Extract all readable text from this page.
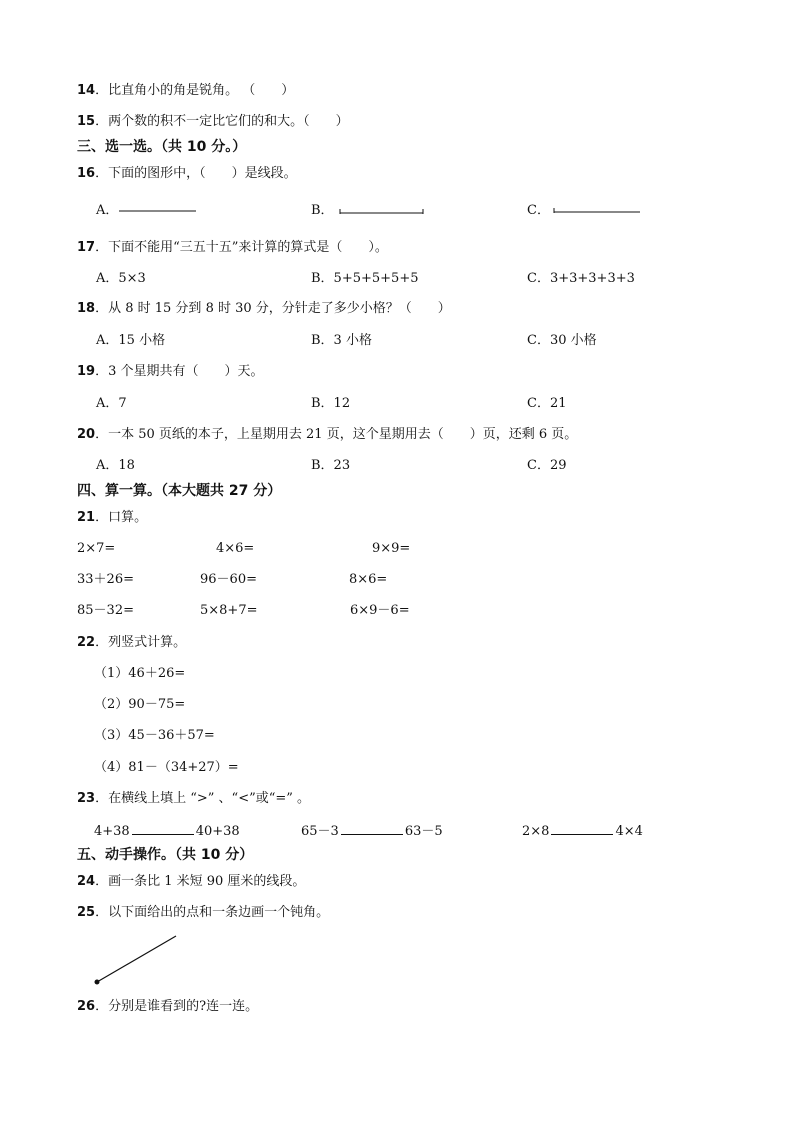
14．比直角小的角是锐角。 （　　）
15．两个数的积不一定比它们的和大。（　　）
三、选一选。（共 10 分。）
16．下面的图形中，（　　）是线段。
A．	B．	C．
17．下面不能用“三五十五”来计算的算式是（　　）。
A．5×3	B．5+5+5+5+5	C．3+3+3+3+3
18．从 8 时 15 分到 8 时 30 分，分针走了多少小格？（　　）
A．15 小格	B．3 小格	C．30 小格
19．3 个星期共有（　　）天。
A．7	B．12	C．21
20．一本 50 页纸的本子，上星期用去 21 页，这个星期用去（　　）页，还剩 6 页。
A．18	B．23	C．29
四、算一算。（本大题共 27 分）
21．口算。
2×7=	4×6=	9×9=
33＋26=	96－60=	8×6=
85－32=	5×8+7=	6×9－6=
22．列竖式计算。
（1）46＋26=
（2）90－75=
（3）45－36＋57=
（4）81－（34+27）=
23．在横线上填上 “>” 、“<”或“=” 。
4+38	40+38	65－3	63－5	2×8	4×4
五、动手操作。（共 10 分）
24．画一条比 1 米短 90 厘米的线段。
25．以下面给出的点和一条边画一个钝角。
26．分别是谁看到的?连一连。
